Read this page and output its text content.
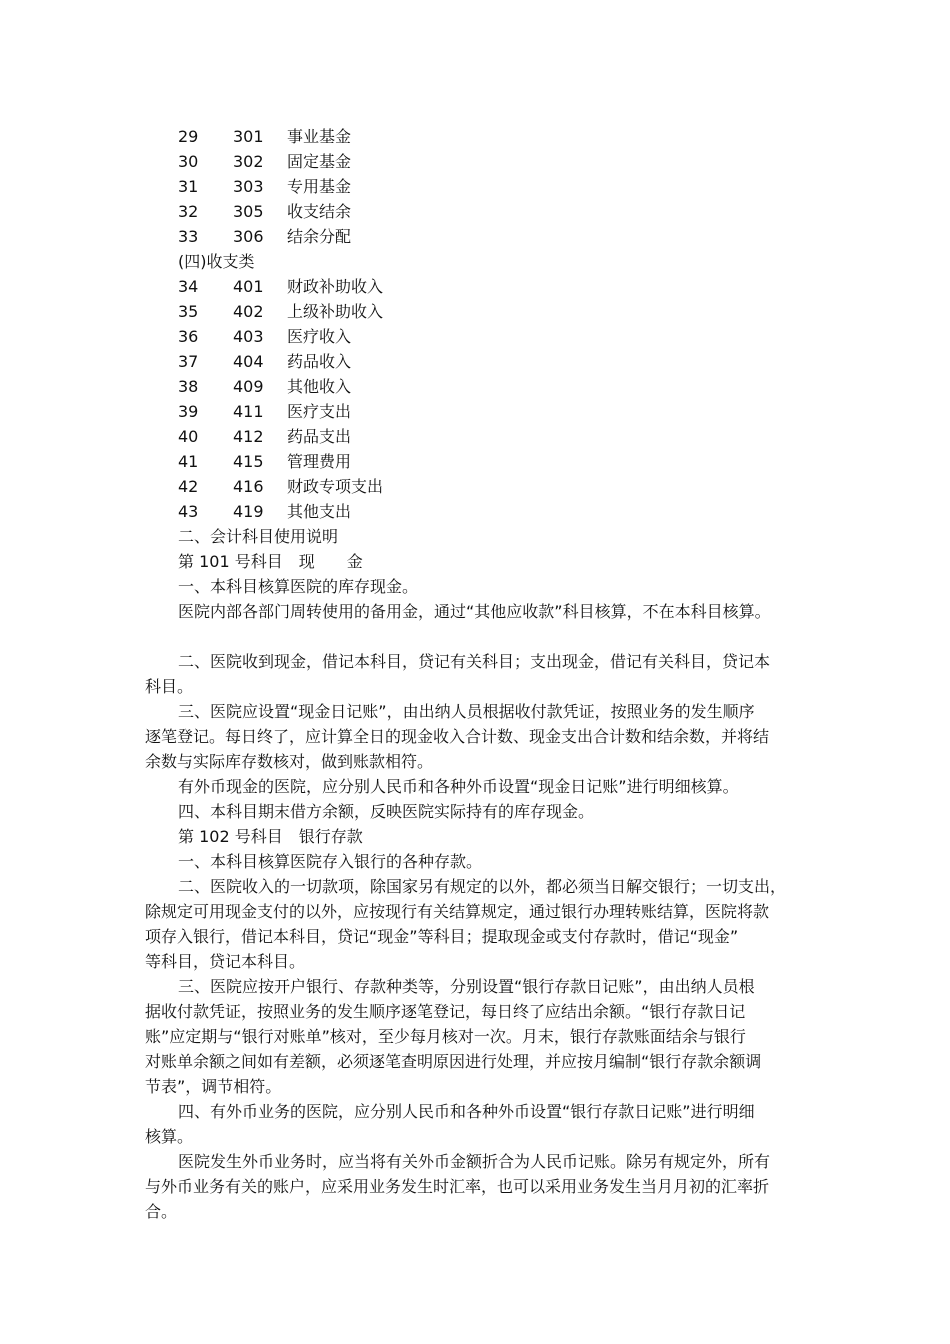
29 301 事业基金
30 302 固定基金
31 303 专用基金
32 305 收支结余
33 306 结余分配
(四)收支类
34 401 财政补助收入
35 402 上级补助收入
36 403 医疗收入
37 404 药品收入
38 409 其他收入
39 411 医疗支出
40 412 药品支出
41 415 管理费用
42 416 财政专项支出
43 419 其他支出
二、会计科目使用说明
第 101 号科目　现　　金
一、本科目核算医院的库存现金。
医院内部各部门周转使用的备用金，通过“其他应收款”科目核算，不在本科目核算。
二、医院收到现金，借记本科目，贷记有关科目；支出现金，借记有关科目，贷记本
科目。
三、医院应设置“现金日记账”，由出纳人员根据收付款凭证，按照业务的发生顺序
逐笔登记。每日终了，应计算全日的现金收入合计数、现金支出合计数和结余数，并将结
余数与实际库存数核对，做到账款相符。
有外币现金的医院，应分别人民币和各种外币设置“现金日记账”进行明细核算。
四、本科目期末借方余额，反映医院实际持有的库存现金。
第 102 号科目　银行存款
一、本科目核算医院存入银行的各种存款。
二、医院收入的一切款项，除国家另有规定的以外，都必须当日解交银行；一切支出，
除规定可用现金支付的以外，应按现行有关结算规定，通过银行办理转账结算，医院将款
项存入银行，借记本科目，贷记“现金”等科目；提取现金或支付存款时，借记“现金”
等科目，贷记本科目。
三、医院应按开户银行、存款种类等，分别设置“银行存款日记账”，由出纳人员根
据收付款凭证，按照业务的发生顺序逐笔登记，每日终了应结出余额。“银行存款日记
账”应定期与“银行对账单”核对，至少每月核对一次。月末，银行存款账面结余与银行
对账单余额之间如有差额，必须逐笔查明原因进行处理，并应按月编制“银行存款余额调
节表”，调节相符。
四、有外币业务的医院，应分别人民币和各种外币设置“银行存款日记账”进行明细
核算。
医院发生外币业务时，应当将有关外币金额折合为人民币记账。除另有规定外，所有
与外币业务有关的账户，应采用业务发生时汇率，也可以采用业务发生当月月初的汇率折
合。
